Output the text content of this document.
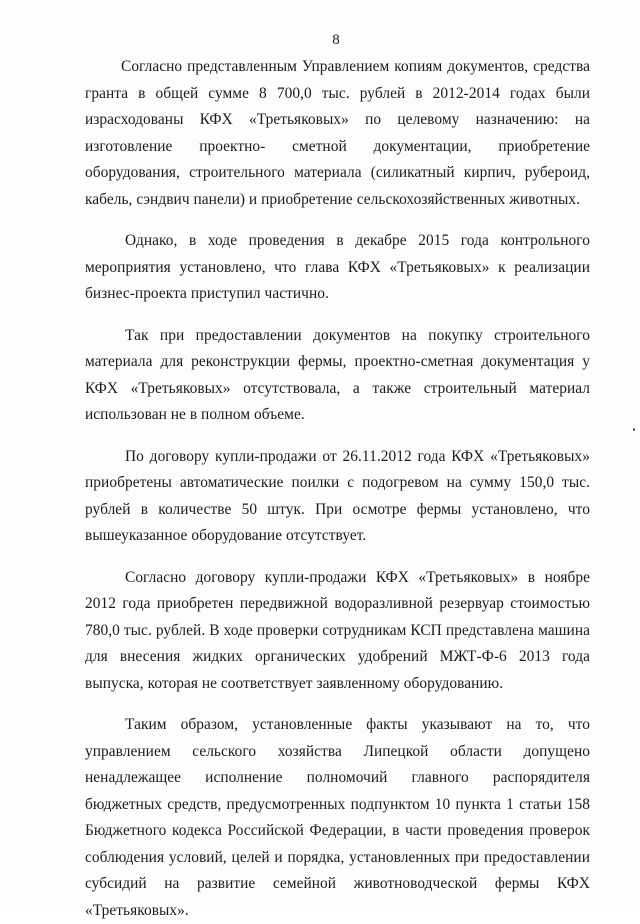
8

Согласно представленным Управлением копиям документов, средства гранта в общей сумме 8 700,0 тыс. рублей в 2012-2014 годах были израсходованы КФХ «Третьяковых» по целевому назначению: на изготовление проектно- сметной документации, приобретение оборудования, строительного материала (силикатный кирпич, рубероид, кабель, сэндвич панели) и приобретение сельскохозяйственных животных.

Однако, в ходе проведения в декабре 2015 года контрольного мероприятия установлено, что глава КФХ «Третьяковых» к реализации бизнес-проекта приступил частично.

Так при предоставлении документов на покупку строительного материала для реконструкции фермы, проектно-сметная документация у КФХ «Третьяковых» отсутствовала, а также строительный материал использован не в полном объеме.

По договору купли-продажи от 26.11.2012 года КФХ «Третьяковых» приобретены автоматические поилки с подогревом на сумму 150,0 тыс. рублей в количестве 50 штук. При осмотре фермы установлено, что вышеуказанное оборудование отсутствует.

Согласно договору купли-продажи КФХ «Третьяковых» в ноябре 2012 года приобретен передвижной водоразливной резервуар стоимостью 780,0 тыс. рублей. В ходе проверки сотрудникам КСП представлена машина для внесения жидких органических удобрений МЖТ-Ф-6 2013 года выпуска, которая не соответствует заявленному оборудованию.

Таким образом, установленные факты указывают на то, что управлением сельского хозяйства Липецкой области допущено ненадлежащее исполнение полномочий главного распорядителя бюджетных средств, предусмотренных подпунктом 10 пункта 1 статьи 158 Бюджетного кодекса Российской Федерации, в части проведения проверок соблюдения условий, целей и порядка, установленных при предоставлении субсидий на развитие семейной животноводческой фермы КФХ «Третьяковых».
